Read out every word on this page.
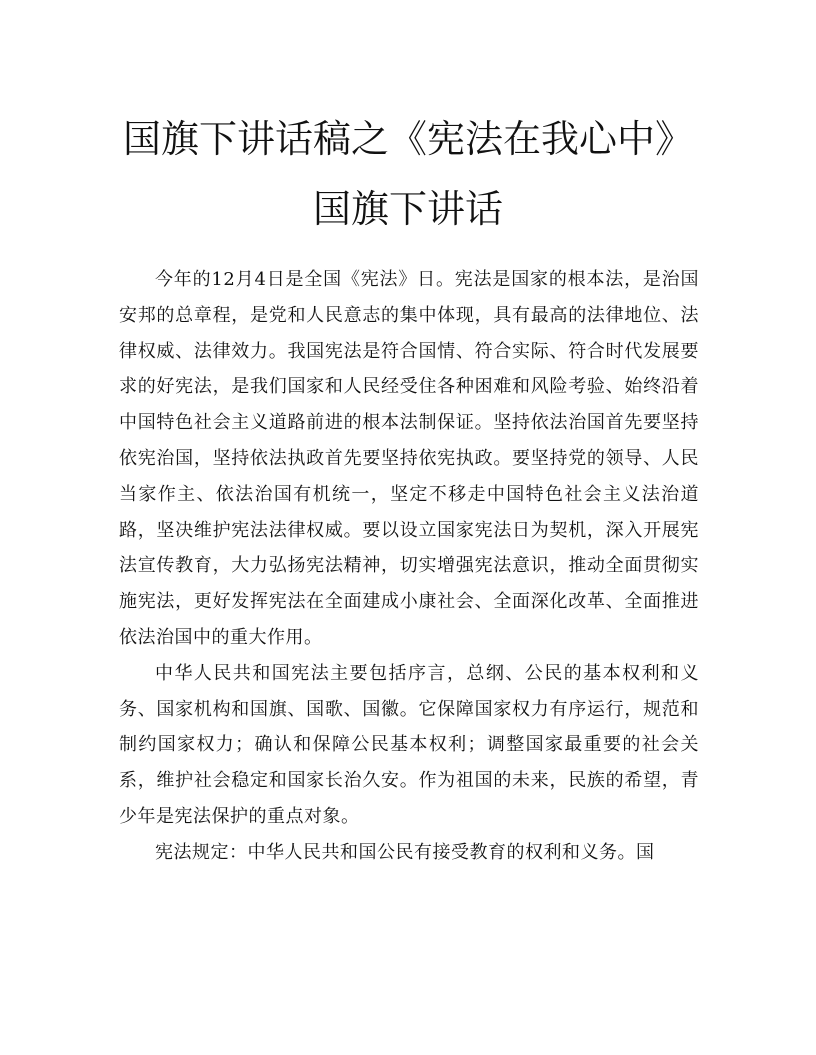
国旗下讲话稿之《宪法在我心中》国旗下讲话

今年的12月4日是全国《宪法》日。宪法是国家的根本法，是治国安邦的总章程，是党和人民意志的集中体现，具有最高的法律地位、法律权威、法律效力。我国宪法是符合国情、符合实际、符合时代发展要求的好宪法，是我们国家和人民经受住各种困难和风险考验、始终沿着中国特色社会主义道路前进的根本法制保证。坚持依法治国首先要坚持依宪治国，坚持依法执政首先要坚持依宪执政。要坚持党的领导、人民当家作主、依法治国有机统一，坚定不移走中国特色社会主义法治道路，坚决维护宪法法律权威。要以设立国家宪法日为契机，深入开展宪法宣传教育，大力弘扬宪法精神，切实增强宪法意识，推动全面贯彻实施宪法，更好发挥宪法在全面建成小康社会、全面深化改革、全面推进依法治国中的重大作用。

中华人民共和国宪法主要包括序言，总纲、公民的基本权利和义务、国家机构和国旗、国歌、国徽。它保障国家权力有序运行，规范和制约国家权力；确认和保障公民基本权利；调整国家最重要的社会关系，维护社会稳定和国家长治久安。作为祖国的未来，民族的希望，青少年是宪法保护的重点对象。

宪法规定：中华人民共和国公民有接受教育的权利和义务。国
